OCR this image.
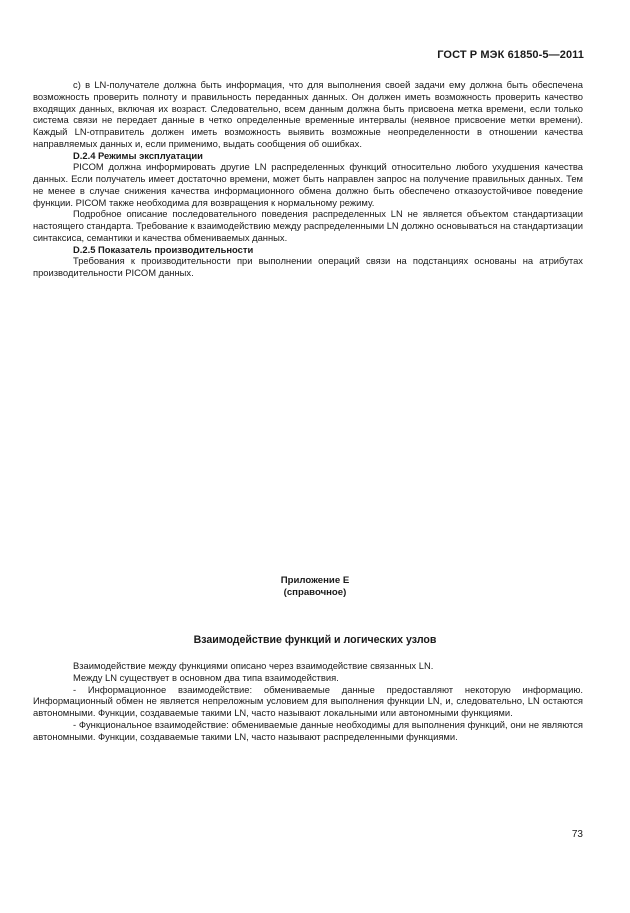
ГОСТ Р МЭК 61850-5—2011

c) в LN-получателе должна быть информация, что для выполнения своей задачи ему должна быть обеспечена возможность проверить полноту и правильность переданных данных. Он должен иметь возможность проверить качество входящих данных, включая их возраст. Следовательно, всем данным должна быть присвоена метка времени, если только система связи не передает данные в четко определенные временные интервалы (неявное присвоение метки времени). Каждый LN-отправитель должен иметь возможность выявить возможные неопределенности в отношении качества направляемых данных и, если применимо, выдать сообщения об ошибках.

D.2.4 Режимы эксплуатации

PICOM должна информировать другие LN распределенных функций относительно любого ухудшения качества данных. Если получатель имеет достаточно времени, может быть направлен запрос на получение правильных данных. Тем не менее в случае снижения качества информационного обмена должно быть обеспечено отказоустойчивое поведение функции. PICOM также необходима для возвращения к нормальному режиму.

Подробное описание последовательного поведения распределенных LN не является объектом стандартизации настоящего стандарта. Требование к взаимодействию между распределенными LN должно основываться на стандартизации синтаксиса, семантики и качества обмениваемых данных.

D.2.5 Показатель производительности

Требования к производительности при выполнении операций связи на подстанциях основаны на атрибутах производительности PICOM данных.

Приложение Е
(справочное)
Взаимодействие функций и логических узлов

Взаимодействие между функциями описано через взаимодействие связанных LN.

Между LN существует в основном два типа взаимодействия.

- Информационное взаимодействие: обмениваемые данные предоставляют некоторую информацию. Информационный обмен не является непреложным условием для выполнения функции LN, и, следовательно, LN остаются автономными. Функции, создаваемые такими LN, часто называют локальными или автономными функциями.

- Функциональное взаимодействие: обмениваемые данные необходимы для выполнения функций, они не являются автономными. Функции, создаваемые такими LN, часто называют распределенными функциями.

73
